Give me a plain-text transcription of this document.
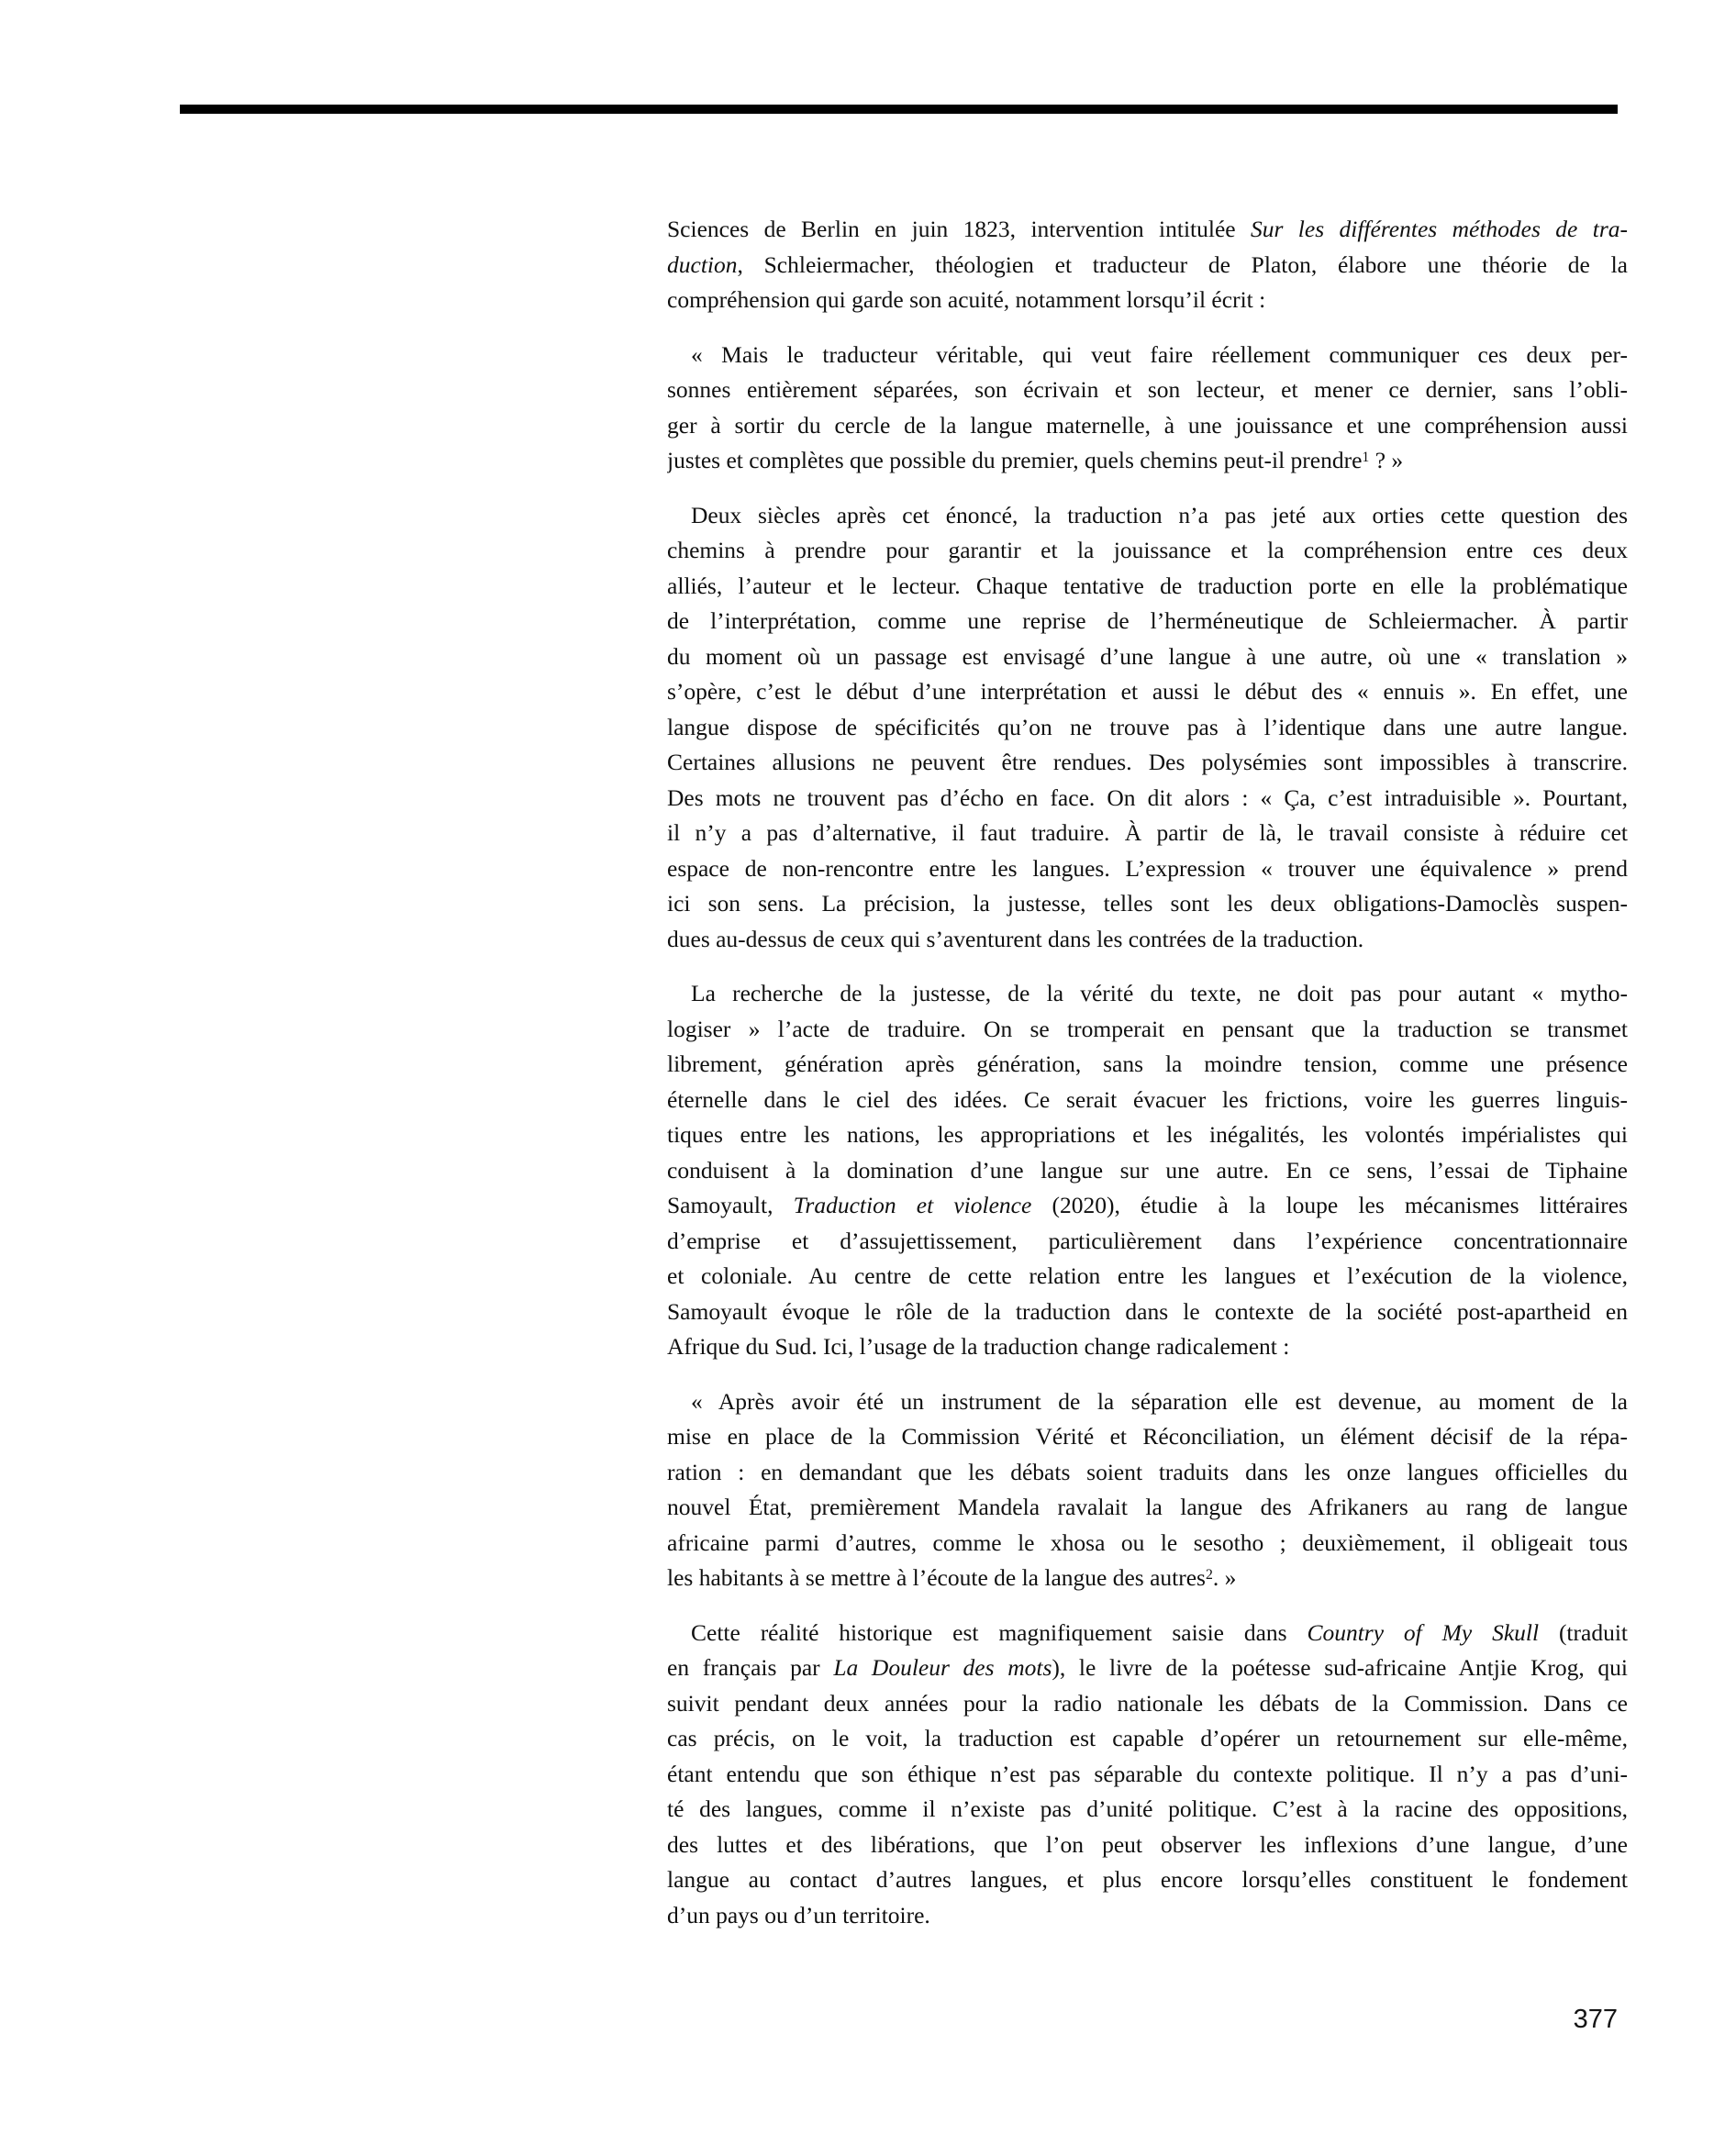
Sciences de Berlin en juin 1823, intervention intitulée Sur les différentes méthodes de tra-
duction, Schleiermacher, théologien et traducteur de Platon, élabore une théorie de la
compréhension qui garde son acuité, notamment lorsqu’il écrit :
« Mais le traducteur véritable, qui veut faire réellement communiquer ces deux per-
sonnes entièrement séparées, son écrivain et son lecteur, et mener ce dernier, sans l’obli-
ger à sortir du cercle de la langue maternelle, à une jouissance et une compréhension aussi
justes et complètes que possible du premier, quels chemins peut-il prendre$^1$ ? »
Deux siècles après cet énoncé, la traduction n’a pas jeté aux orties cette question des
chemins à prendre pour garantir et la jouissance et la compréhension entre ces deux
alliés, l’auteur et le lecteur. Chaque tentative de traduction porte en elle la problématique
de l’interprétation, comme une reprise de l’herméneutique de Schleiermacher. À partir
du moment où un passage est envisagé d’une langue à une autre, où une « translation »
s’opère, c’est le début d’une interprétation et aussi le début des « ennuis ». En effet, une
langue dispose de spécificités qu’on ne trouve pas à l’identique dans une autre langue.
Certaines allusions ne peuvent être rendues. Des polysémies sont impossibles à transcrire.
Des mots ne trouvent pas d’écho en face. On dit alors : « Ça, c’est intraduisible ». Pourtant,
il n’y a pas d’alternative, il faut traduire. À partir de là, le travail consiste à réduire cet
espace de non-rencontre entre les langues. L’expression « trouver une équivalence » prend
ici son sens. La précision, la justesse, telles sont les deux obligations-Damoclès suspen-
dues au-dessus de ceux qui s’aventurent dans les contrées de la traduction.
La recherche de la justesse, de la vérité du texte, ne doit pas pour autant « mytho-
logiser » l’acte de traduire. On se tromperait en pensant que la traduction se transmet
librement, génération après génération, sans la moindre tension, comme une présence
éternelle dans le ciel des idées. Ce serait évacuer les frictions, voire les guerres linguis-
tiques entre les nations, les appropriations et les inégalités, les volontés impérialistes qui
conduisent à la domination d’une langue sur une autre. En ce sens, l’essai de Tiphaine
Samoyault, Traduction et violence (2020), étudie à la loupe les mécanismes littéraires
d’emprise et d’assujettissement, particulièrement dans l’expérience concentrationnaire
et coloniale. Au centre de cette relation entre les langues et l’exécution de la violence,
Samoyault évoque le rôle de la traduction dans le contexte de la société post-apartheid en
Afrique du Sud. Ici, l’usage de la traduction change radicalement :
« Après avoir été un instrument de la séparation elle est devenue, au moment de la
mise en place de la Commission Vérité et Réconciliation, un élément décisif de la répa-
ration : en demandant que les débats soient traduits dans les onze langues officielles du
nouvel État, premièrement Mandela ravalait la langue des Afrikaners au rang de langue
africaine parmi d’autres, comme le xhosa ou le sesotho ; deuxièmement, il obligeait tous
les habitants à se mettre à l’écoute de la langue des autres$^2$. »
Cette réalité historique est magnifiquement saisie dans Country of My Skull (traduit
en français par La Douleur des mots), le livre de la poétesse sud-africaine Antjie Krog, qui
suivit pendant deux années pour la radio nationale les débats de la Commission. Dans ce
cas précis, on le voit, la traduction est capable d’opérer un retournement sur elle-même,
étant entendu que son éthique n’est pas séparable du contexte politique. Il n’y a pas d’uni-
té des langues, comme il n’existe pas d’unité politique. C’est à la racine des oppositions,
des luttes et des libérations, que l’on peut observer les inflexions d’une langue, d’une
langue au contact d’autres langues, et plus encore lorsqu’elles constituent le fondement
d’un pays ou d’un territoire.
377
